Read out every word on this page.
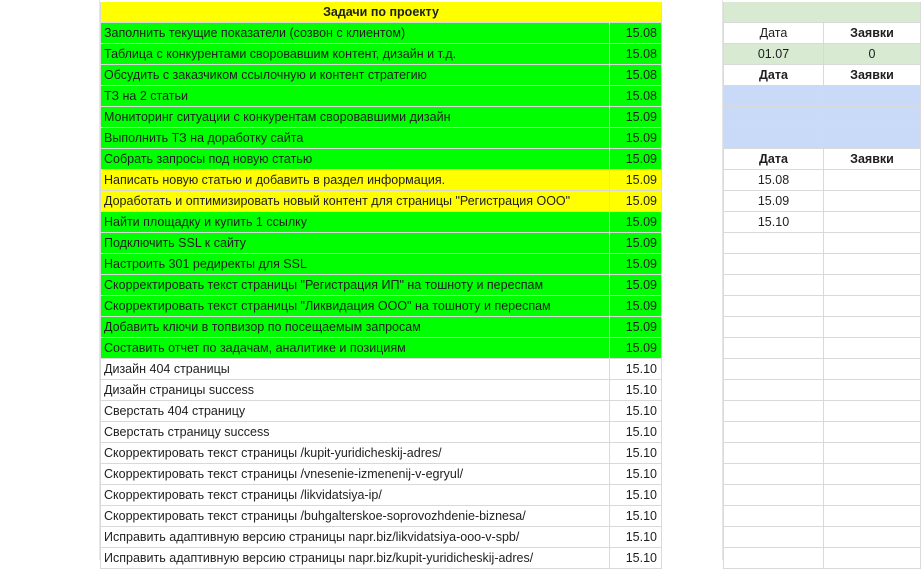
Задачи по проекту
Заполнить текущие показатели (созвон с клиентом)	15.08
Таблица с конкурентами своровавшим контент, дизайн и т.д.	15.08
Обсудить с заказчиком ссылочную и контент стратегию	15.08
ТЗ на 2 статьи	15.08
Мониторинг ситуации с конкурентам своровавшими дизайн	15.09
Выполнить ТЗ на доработку сайта	15.09
Собрать запросы под новую статью	15.09
Написать новую статью и добавить в раздел информация.	15.09
Доработать и оптимизировать новый контент для страницы "Регистрация ООО"	15.09
Найти площадку и купить 1 ссылку	15.09
Подключить SSL к сайту	15.09
Настроить 301 редиректы для SSL	15.09
Скорректировать текст страницы "Регистрация ИП" на тошноту и переспам	15.09
Скорректировать текст страницы "Ликвидация ООО" на тошноту и переспам	15.09
Добавить ключи в топвизор по посещаемым запросам	15.09
Составить отчет по задачам, аналитике и позициям	15.09
Дизайн 404 страницы	15.10
Дизайн страницы success	15.10
Сверстать 404 страницу	15.10
Сверстать страницу success	15.10
Скорректировать текст страницы /kupit-yuridicheskij-adres/	15.10
Скорректировать текст страницы /vnesenie-izmenenij-v-egryul/	15.10
Скорректировать текст страницы /likvidatsiya-ip/	15.10
Скорректировать текст страницы /buhgalterskoe-soprovozhdenie-biznesa/	15.10
Исправить адаптивную версию страницы napr.biz/likvidatsiya-ooo-v-spb/	15.10
Исправить адаптивную версию страницы napr.biz/kupit-yuridicheskij-adres/	15.10
Дата	Заявки
01.07	0
Дата	Заявки
Дата	Заявки
15.08
15.09
15.10
